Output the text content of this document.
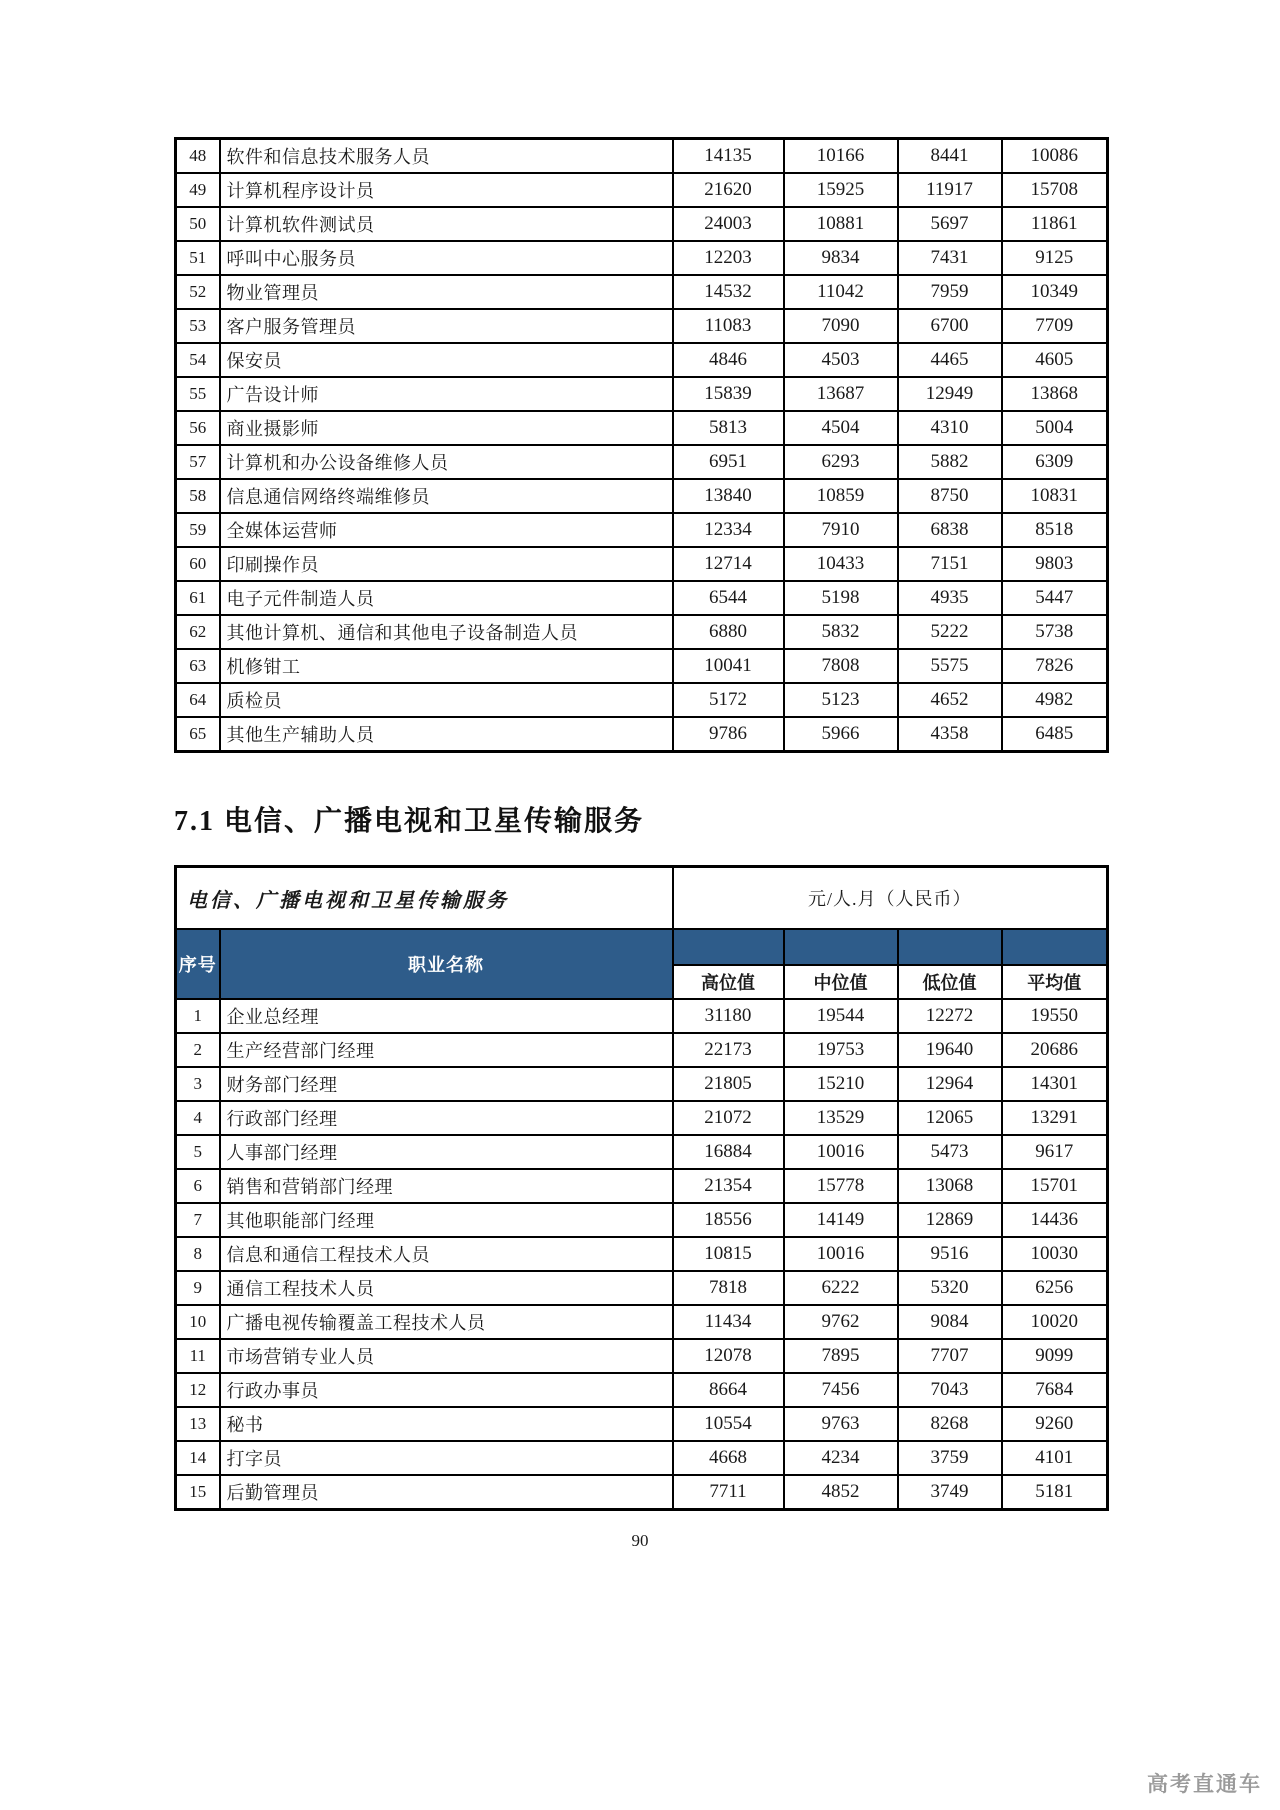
48	软件和信息技术服务人员	14135	10166	8441	10086
49	计算机程序设计员	21620	15925	11917	15708
50	计算机软件测试员	24003	10881	5697	11861
51	呼叫中心服务员	12203	9834	7431	9125
52	物业管理员	14532	11042	7959	10349
53	客户服务管理员	11083	7090	6700	7709
54	保安员	4846	4503	4465	4605
55	广告设计师	15839	13687	12949	13868
56	商业摄影师	5813	4504	4310	5004
57	计算机和办公设备维修人员	6951	6293	5882	6309
58	信息通信网络终端维修员	13840	10859	8750	10831
59	全媒体运营师	12334	7910	6838	8518
60	印刷操作员	12714	10433	7151	9803
61	电子元件制造人员	6544	5198	4935	5447
62	其他计算机、通信和其他电子设备制造人员	6880	5832	5222	5738
63	机修钳工	10041	7808	5575	7826
64	质检员	5172	5123	4652	4982
65	其他生产辅助人员	9786	5966	4358	6485
7.1 电信、广播电视和卫星传输服务
电信、广播电视和卫星传输服务		元/人.月（人民币）			
序号	职业名称				
		高位值	中位值	低位值	平均值
1	企业总经理	31180	19544	12272	19550
2	生产经营部门经理	22173	19753	19640	20686
3	财务部门经理	21805	15210	12964	14301
4	行政部门经理	21072	13529	12065	13291
5	人事部门经理	16884	10016	5473	9617
6	销售和营销部门经理	21354	15778	13068	15701
7	其他职能部门经理	18556	14149	12869	14436
8	信息和通信工程技术人员	10815	10016	9516	10030
9	通信工程技术人员	7818	6222	5320	6256
10	广播电视传输覆盖工程技术人员	11434	9762	9084	10020
11	市场营销专业人员	12078	7895	7707	9099
12	行政办事员	8664	7456	7043	7684
13	秘书	10554	9763	8268	9260
14	打字员	4668	4234	3759	4101
15	后勤管理员	7711	4852	3749	5181
90
高考直通车
